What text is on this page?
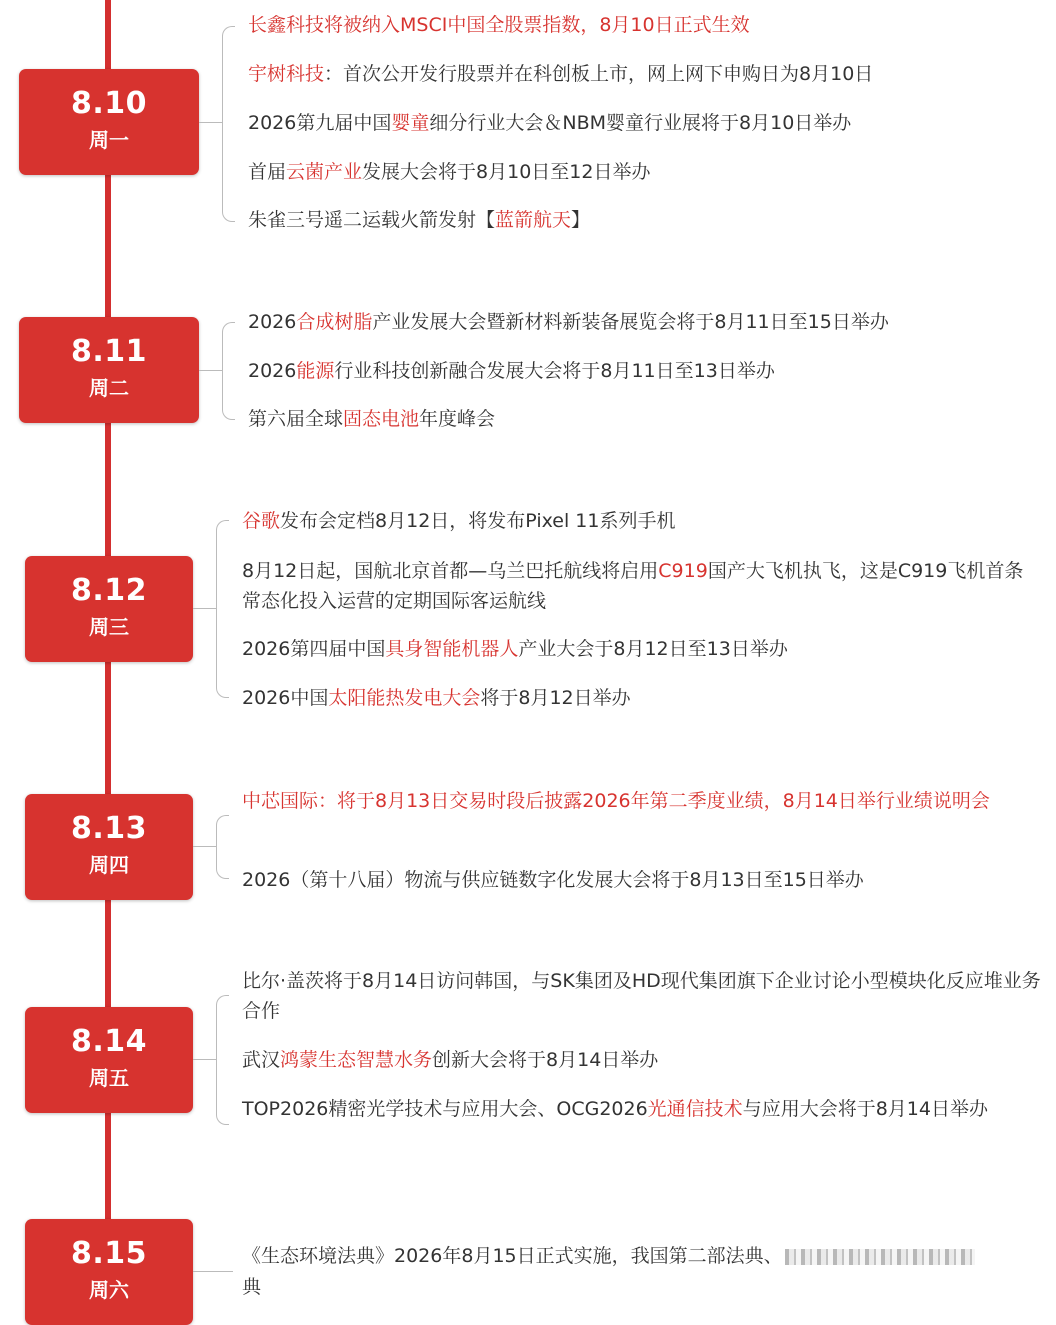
8.10
周一
长鑫科技将被纳入MSCI中国全股票指数，8月10日正式生效
宇树科技：首次公开发行股票并在科创板上市，网上网下申购日为8月10日
2026第九届中国婴童细分行业大会＆NBM婴童行业展将于8月10日举办
首届云菌产业发展大会将于8月10日至12日举办
朱雀三号遥二运载火箭发射【蓝箭航天】
8.11
周二
2026合成树脂产业发展大会暨新材料新装备展览会将于8月11日至15日举办
2026能源行业科技创新融合发展大会将于8月11日至13日举办
第六届全球固态电池年度峰会
8.12
周三
谷歌发布会定档8月12日，将发布Pixel 11系列手机
8月12日起，国航北京首都—乌兰巴托航线将启用C919国产大飞机执飞，这是C919飞机首条常态化投入运营的定期国际客运航线
2026第四届中国具身智能机器人产业大会于8月12日至13日举办
2026中国太阳能热发电大会将于8月12日举办
8.13
周四
中芯国际：将于8月13日交易时段后披露2026年第二季度业绩，8月14日举行业绩说明会
2026（第十八届）物流与供应链数字化发展大会将于8月13日至15日举办
8.14
周五
比尔·盖茨将于8月14日访问韩国，与SK集团及HD现代集团旗下企业讨论小型模块化反应堆业务合作
武汉鸿蒙生态智慧水务创新大会将于8月14日举办
TOP2026精密光学技术与应用大会、OCG2026光通信技术与应用大会将于8月14日举办
8.15
周六
《生态环境法典》2026年8月15日正式实施，我国第二部法典、
典
